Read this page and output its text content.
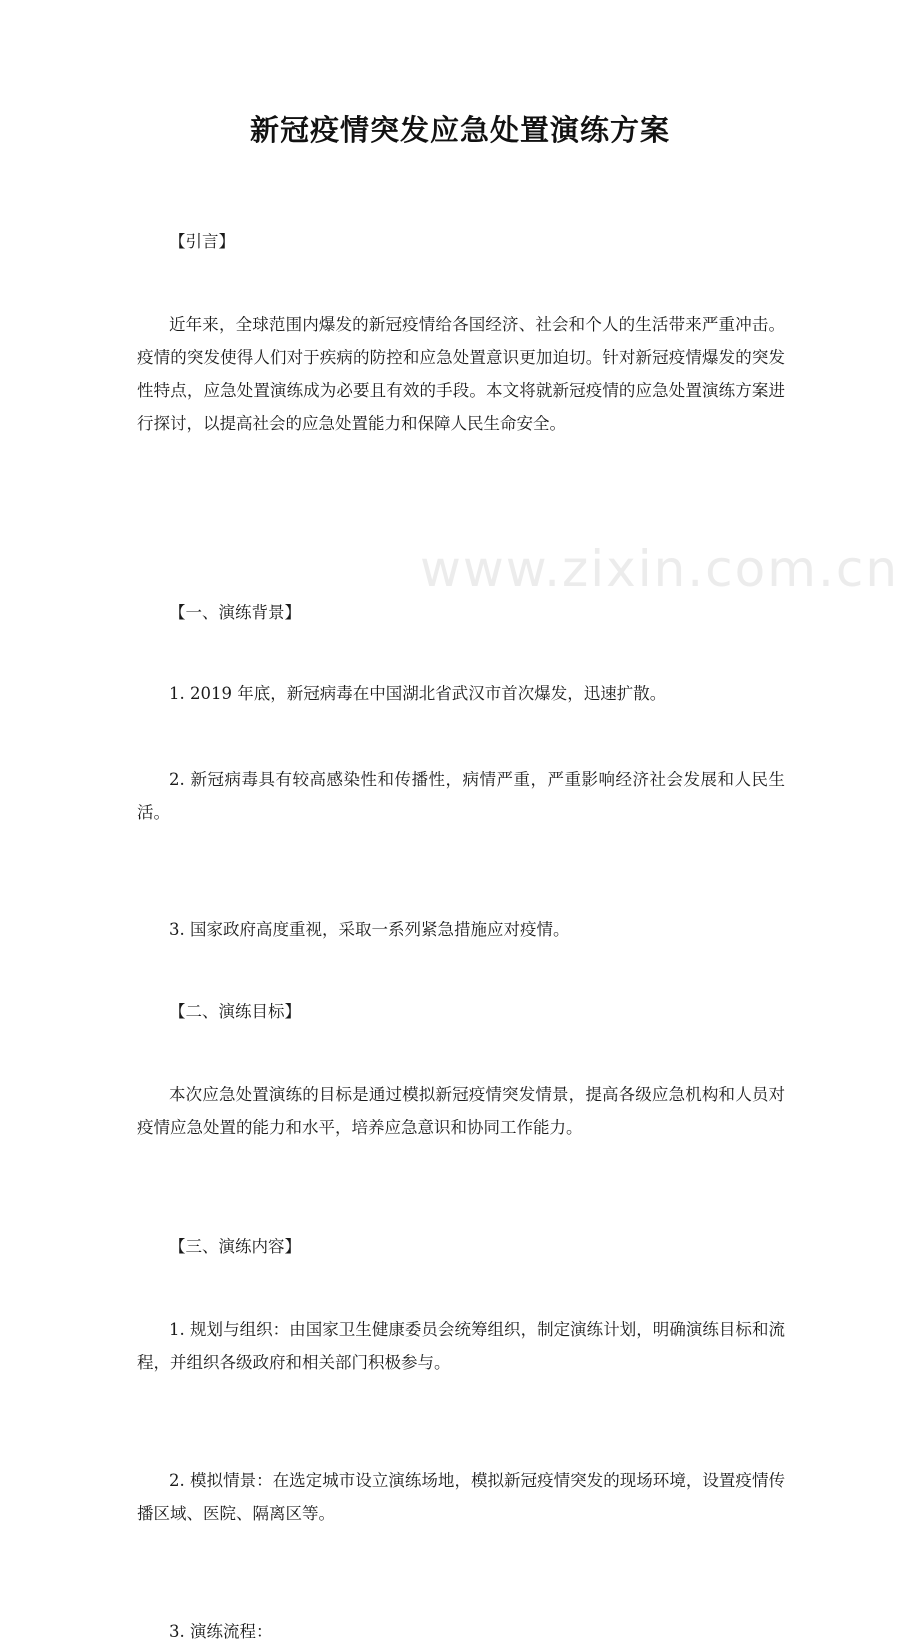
www.zixin.com.cn
新冠疫情突发应急处置演练方案

【引言】

近年来，全球范围内爆发的新冠疫情给各国经济、社会和个人的生活带来严重冲击。疫情的突发使得人们对于疾病的防控和应急处置意识更加迫切。针对新冠疫情爆发的突发性特点，应急处置演练成为必要且有效的手段。本文将就新冠疫情的应急处置演练方案进行探讨，以提高社会的应急处置能力和保障人民生命安全。

【一、演练背景】

1. 2019 年底，新冠病毒在中国湖北省武汉市首次爆发，迅速扩散。

2. 新冠病毒具有较高感染性和传播性，病情严重，严重影响经济社会发展和人民生活。

3. 国家政府高度重视，采取一系列紧急措施应对疫情。

【二、演练目标】

本次应急处置演练的目标是通过模拟新冠疫情突发情景，提高各级应急机构和人员对疫情应急处置的能力和水平，培养应急意识和协同工作能力。

【三、演练内容】

1. 规划与组织：由国家卫生健康委员会统筹组织，制定演练计划，明确演练目标和流程，并组织各级政府和相关部门积极参与。

2. 模拟情景：在选定城市设立演练场地，模拟新冠疫情突发的现场环境，设置疫情传播区域、医院、隔离区等。

3. 演练流程：
